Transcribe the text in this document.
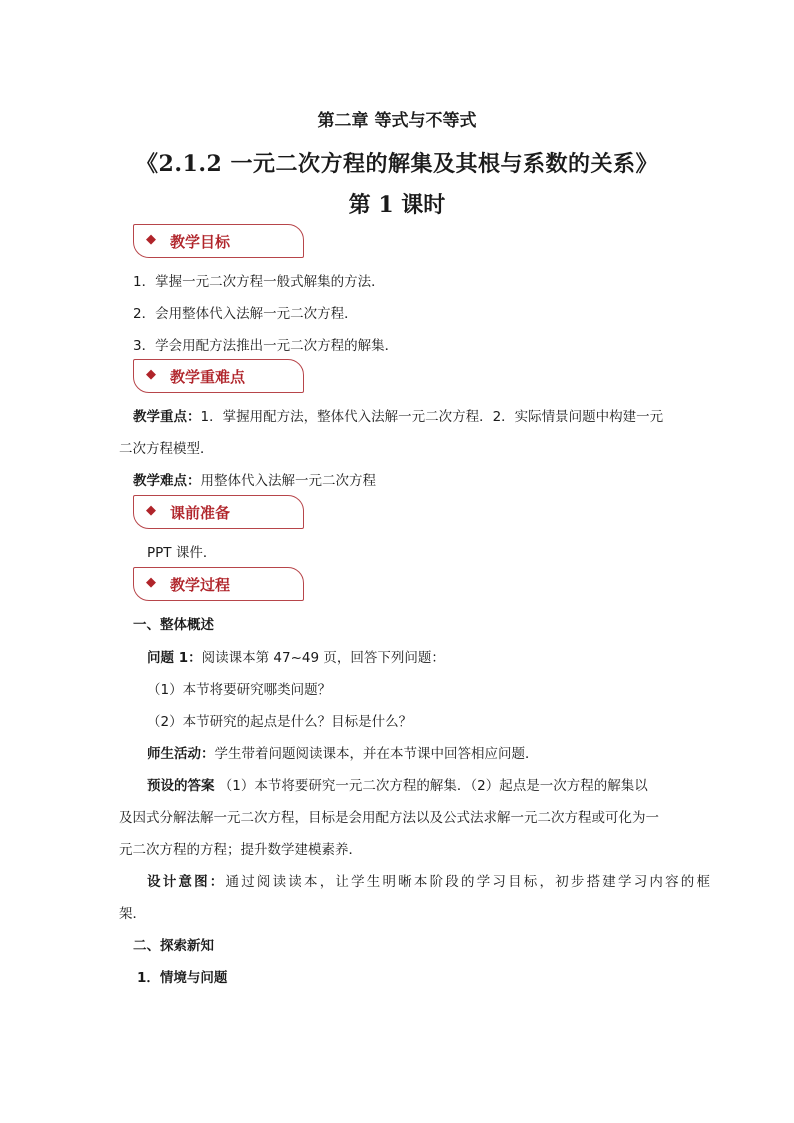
第二章 等式与不等式
《2.1.2 一元二次方程的解集及其根与系数的关系》
第 1 课时
◆ 教学目标
1．掌握一元二次方程一般式解集的方法．
2．会用整体代入法解一元二次方程．
3．学会用配方法推出一元二次方程的解集．
◆ 教学重难点
教学重点：1．掌握用配方法，整体代入法解一元二次方程．2．实际情景问题中构建一元
二次方程模型．
教学难点：用整体代入法解一元二次方程
◆ 课前准备
PPT 课件．
◆ 教学过程
一、整体概述
问题 1：阅读课本第 47~49 页，回答下列问题：
（1）本节将要研究哪类问题？
（2）本节研究的起点是什么？目标是什么？
师生活动：学生带着问题阅读课本，并在本节课中回答相应问题．
预设的答案 （1）本节将要研究一元二次方程的解集．（2）起点是一次方程的解集以
及因式分解法解一元二次方程，目标是会用配方法以及公式法求解一元二次方程或可化为一
元二次方程的方程；提升数学建模素养．
设计意图：通过阅读读本，让学生明晰本阶段的学习目标，初步搭建学习内容的框
架．
二、探索新知
1．情境与问题
